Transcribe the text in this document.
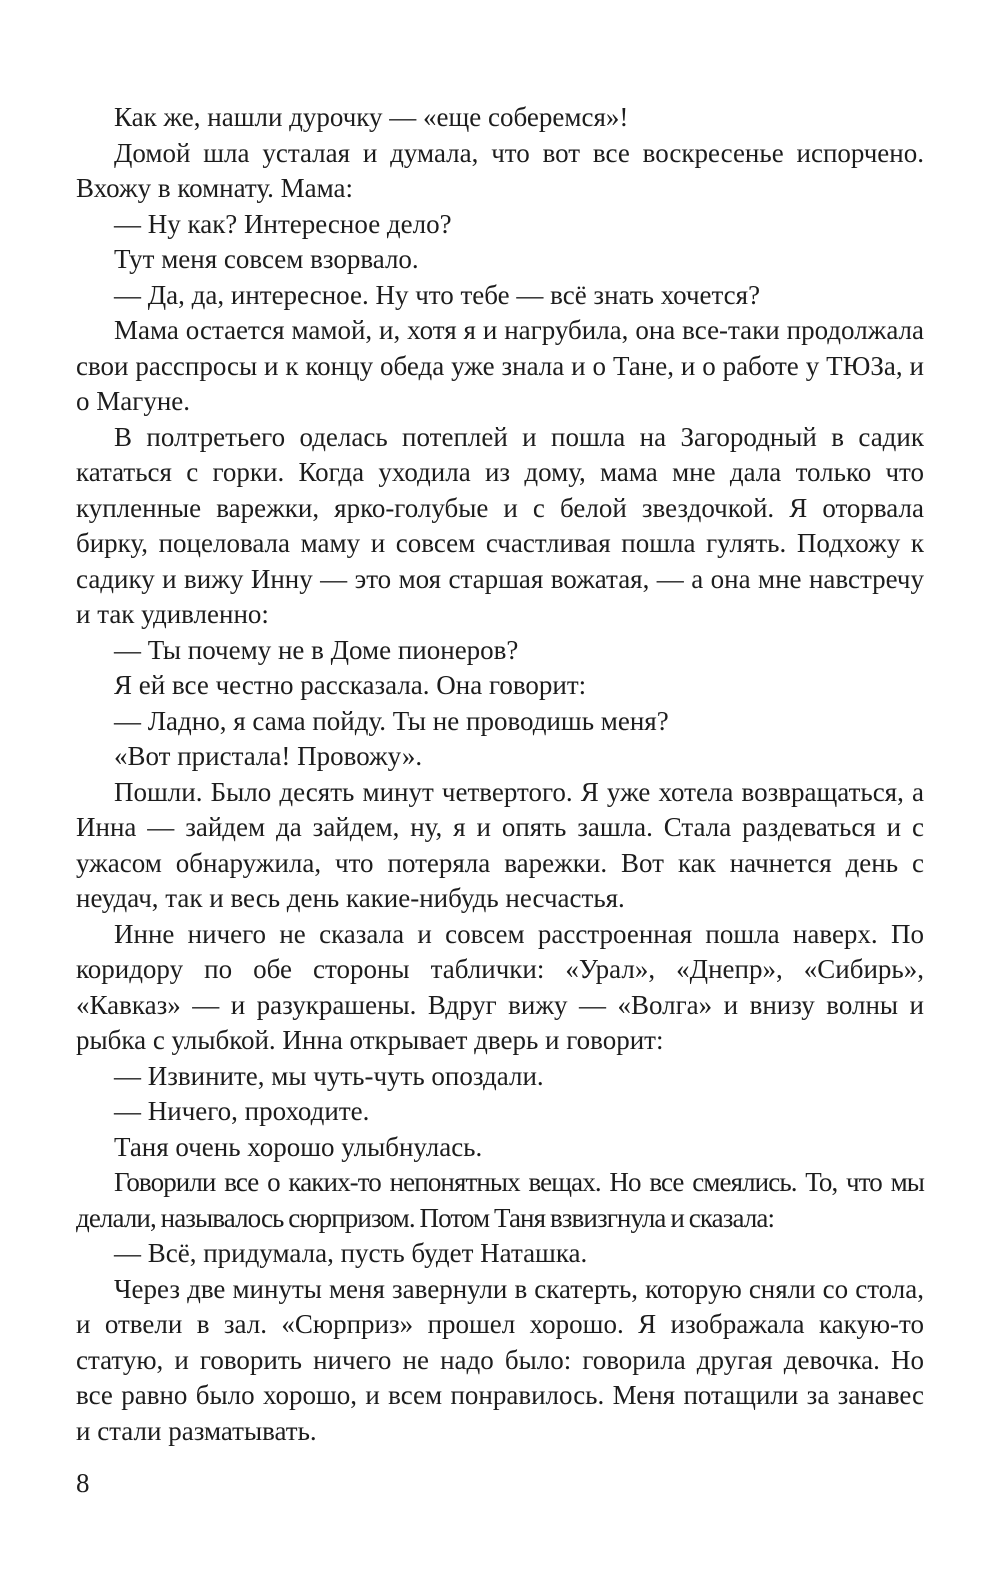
Как же, нашли дурочку — «еще соберемся»!

Домой шла усталая и думала, что вот все воскресенье испорчено. Вхожу в комнату. Мама:

— Ну как? Интересное дело?

Тут меня совсем взорвало.

— Да, да, интересное. Ну что тебе — всё знать хочется?

Мама остается мамой, и, хотя я и нагрубила, она все-таки продолжала свои расспросы и к концу обеда уже знала и о Тане, и о работе у ТЮЗа, и о Магуне.

В полтретьего оделась потеплей и пошла на Загородный в садик кататься с горки. Когда уходила из дому, мама мне дала только что купленные варежки, ярко-голубые и с белой звездочкой. Я оторвала бирку, поцеловала маму и совсем счастливая пошла гулять. Подхожу к садику и вижу Инну — это моя старшая вожатая, — а она мне навстречу и так удивленно:

— Ты почему не в Доме пионеров?

Я ей все честно рассказала. Она говорит:

— Ладно, я сама пойду. Ты не проводишь меня?

«Вот пристала! Провожу».

Пошли. Было десять минут четвертого. Я уже хотела возвращаться, а Инна — зайдем да зайдем, ну, я и опять зашла. Стала раздеваться и с ужасом обнаружила, что потеряла варежки. Вот как начнется день с неудач, так и весь день какие-нибудь несчастья.

Инне ничего не сказала и совсем расстроенная пошла наверх. По коридору по обе стороны таблички: «Урал», «Днепр», «Сибирь», «Кавказ» — и разукрашены. Вдруг вижу — «Волга» и внизу волны и рыбка с улыбкой. Инна открывает дверь и говорит:

— Извините, мы чуть-чуть опоздали.

— Ничего, проходите.

Таня очень хорошо улыбнулась.

Говорили все о каких-то непонятных вещах. Но все смеялись. То, что мы делали, называлось сюрпризом. Потом Таня взвизгнула и сказала:

— Всё, придумала, пусть будет Наташка.

Через две минуты меня завернули в скатерть, которую сняли со стола, и отвели в зал. «Сюрприз» прошел хорошо. Я изображала какую-то статую, и говорить ничего не надо было: говорила другая девочка. Но все равно было хорошо, и всем понравилось. Меня потащили за занавес и стали разматывать.

8
